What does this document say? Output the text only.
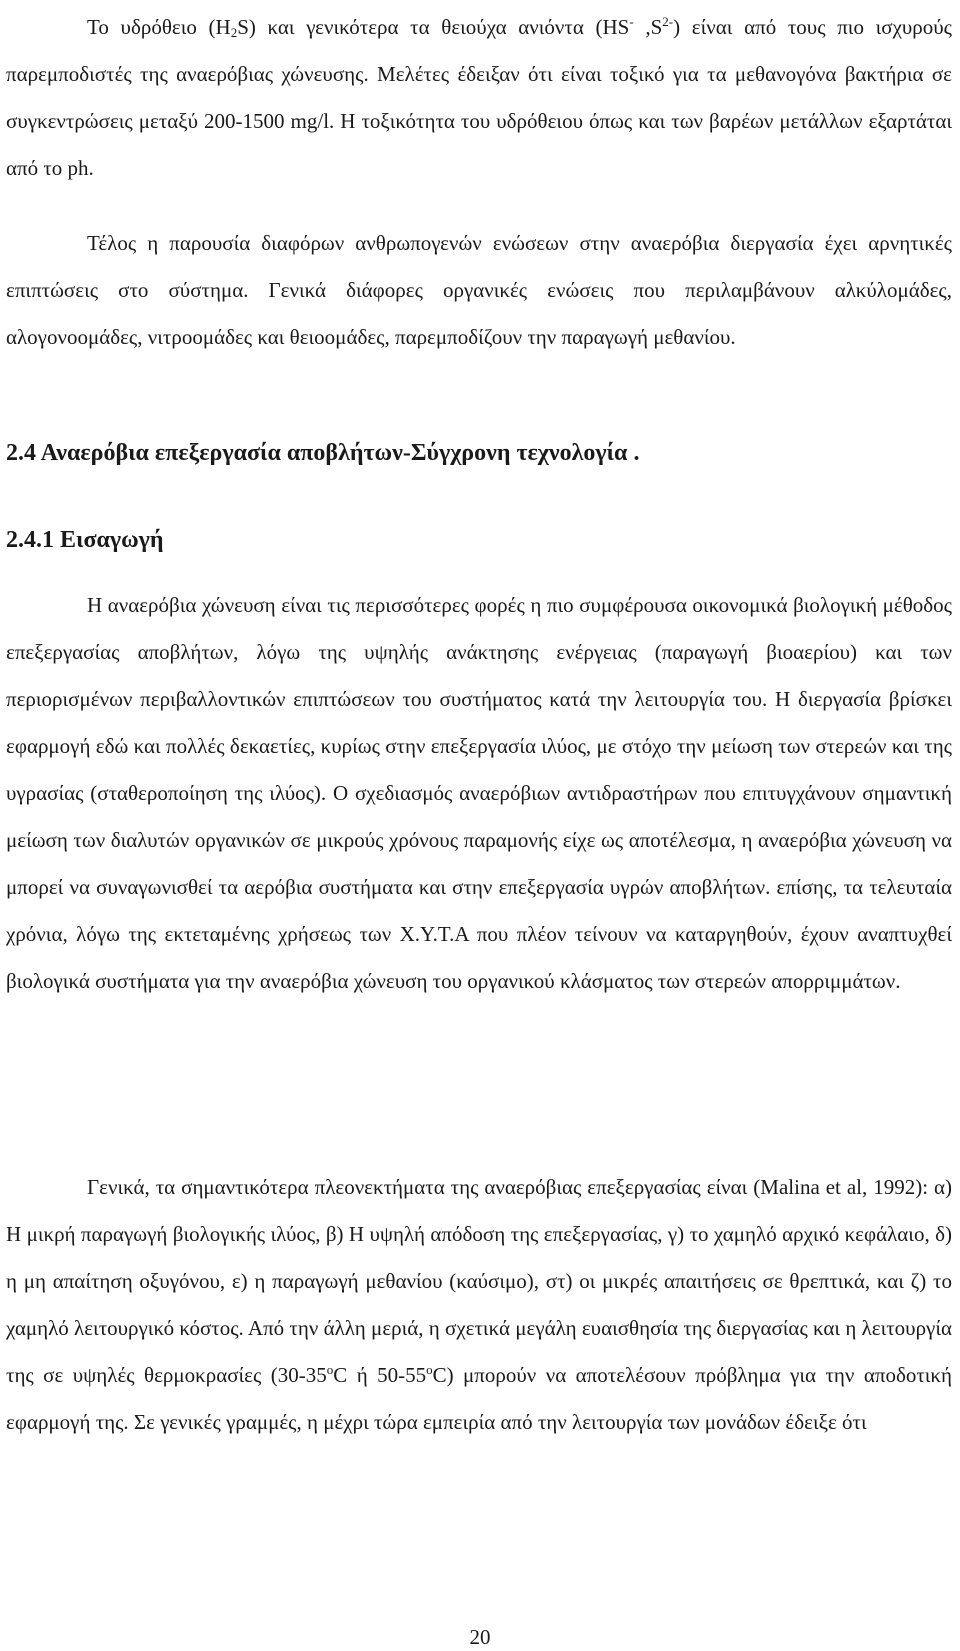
Το υδρόθειο $(H_2S)$ και γενικότερα τα θειούχα ανιόντα (HS- $,S^{2-}$) είναι από τους πιο ισχυρούς παρεμποδιστές της αναερόβιας χώνευσης. Μελέτες έδειξαν ότι είναι τοξικό για τα μεθανογόνα βακτήρια σε συγκεντρώσεις μεταξύ 200-1500 mg/l. Η τοξικότητα του υδρόθειου όπως και των βαρέων μετάλλων εξαρτάται από το ph.

Τέλος η παρουσία διαφόρων ανθρωπογενών ενώσεων στην αναερόβια διεργασία έχει αρνητικές επιπτώσεις στο σύστημα. Γενικά διάφορες οργανικές ενώσεις που περιλαμβάνουν αλκύλομάδες, αλογονοομάδες, νιτροομάδες και θειοομάδες, παρεμποδίζουν την παραγωγή μεθανίου.

2.4 Αναερόβια επεξεργασία αποβλήτων-Σύγχρονη τεχνολογία .
2.4.1 Εισαγωγή

Η αναερόβια χώνευση είναι τις περισσότερες φορές η πιο συμφέρουσα οικονομικά βιολογική μέθοδος επεξεργασίας αποβλήτων, λόγω της υψηλής ανάκτησης ενέργειας (παραγωγή βιοαερίου) και των περιορισμένων περιβαλλοντικών επιπτώσεων του συστήματος κατά την λειτουργία του. Η διεργασία βρίσκει εφαρμογή εδώ και πολλές δεκαετίες, κυρίως στην επεξεργασία ιλύος, με στόχο την μείωση των στερεών και της υγρασίας (σταθεροποίηση της ιλύος). Ο σχεδιασμός αναερόβιων αντιδραστήρων που επιτυγχάνουν σημαντική μείωση των διαλυτών οργανικών σε μικρούς χρόνους παραμονής είχε ως αποτέλεσμα, η αναερόβια χώνευση να μπορεί να συναγωνισθεί τα αερόβια συστήματα και στην επεξεργασία υγρών αποβλήτων. επίσης, τα τελευταία χρόνια, λόγω της εκτεταμένης χρήσεως των Χ.Υ.Τ.Α που πλέον τείνουν να καταργηθούν, έχουν αναπτυχθεί βιολογικά συστήματα για την αναερόβια χώνευση του οργανικού κλάσματος των στερεών απορριμμάτων.

Γενικά, τα σημαντικότερα πλεονεκτήματα της αναερόβιας επεξεργασίας είναι (Malina et al, 1992): α) Η μικρή παραγωγή βιολογικής ιλύος, β) Η υψηλή απόδοση της επεξεργασίας, γ) το χαμηλό αρχικό κεφάλαιο, δ) η μη απαίτηση οξυγόνου, ε) η παραγωγή μεθανίου (καύσιμο), στ) οι μικρές απαιτήσεις σε θρεπτικά, και ζ) το χαμηλό λειτουργικό κόστος. Από την άλλη μεριά, η σχετικά μεγάλη ευαισθησία της διεργασίας και η λειτουργία της σε υψηλές θερμοκρασίες (30-35$^o$C ή 50-55$^o$C) μπορούν να αποτελέσουν πρόβλημα για την αποδοτική εφαρμογή της. Σε γενικές γραμμές, η μέχρι τώρα εμπειρία από την λειτουργία των μονάδων έδειξε ότι

20
